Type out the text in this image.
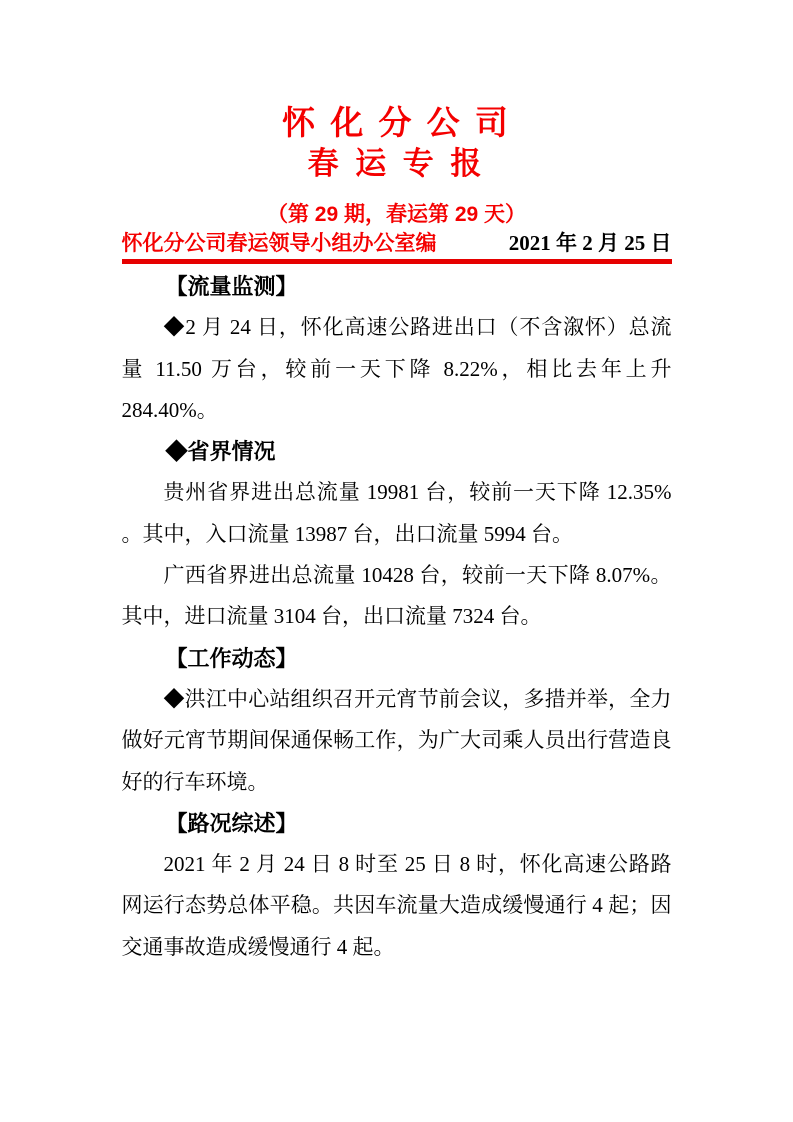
怀 化 分 公 司
春 运 专 报
（第 29 期，春运第 29 天）
怀化分公司春运领导小组办公室编	2021 年 2 月 25 日
【流量监测】

◆2 月 24 日，怀化高速公路进出口（不含溆怀）总流量 11.50 万台，较前一天下降 8.22%，相比去年上升 284.40%。

◆省界情况

贵州省界进出总流量 19981 台，较前一天下降 12.35% 。其中，入口流量 13987 台，出口流量 5994 台。

广西省界进出总流量 10428 台，较前一天下降 8.07%。其中，进口流量 3104 台，出口流量 7324 台。

【工作动态】

◆洪江中心站组织召开元宵节前会议，多措并举，全力做好元宵节期间保通保畅工作，为广大司乘人员出行营造良好的行车环境。

【路况综述】

2021 年 2 月 24 日 8 时至 25 日 8 时，怀化高速公路路网运行态势总体平稳。共因车流量大造成缓慢通行 4 起；因交通事故造成缓慢通行 4 起。
